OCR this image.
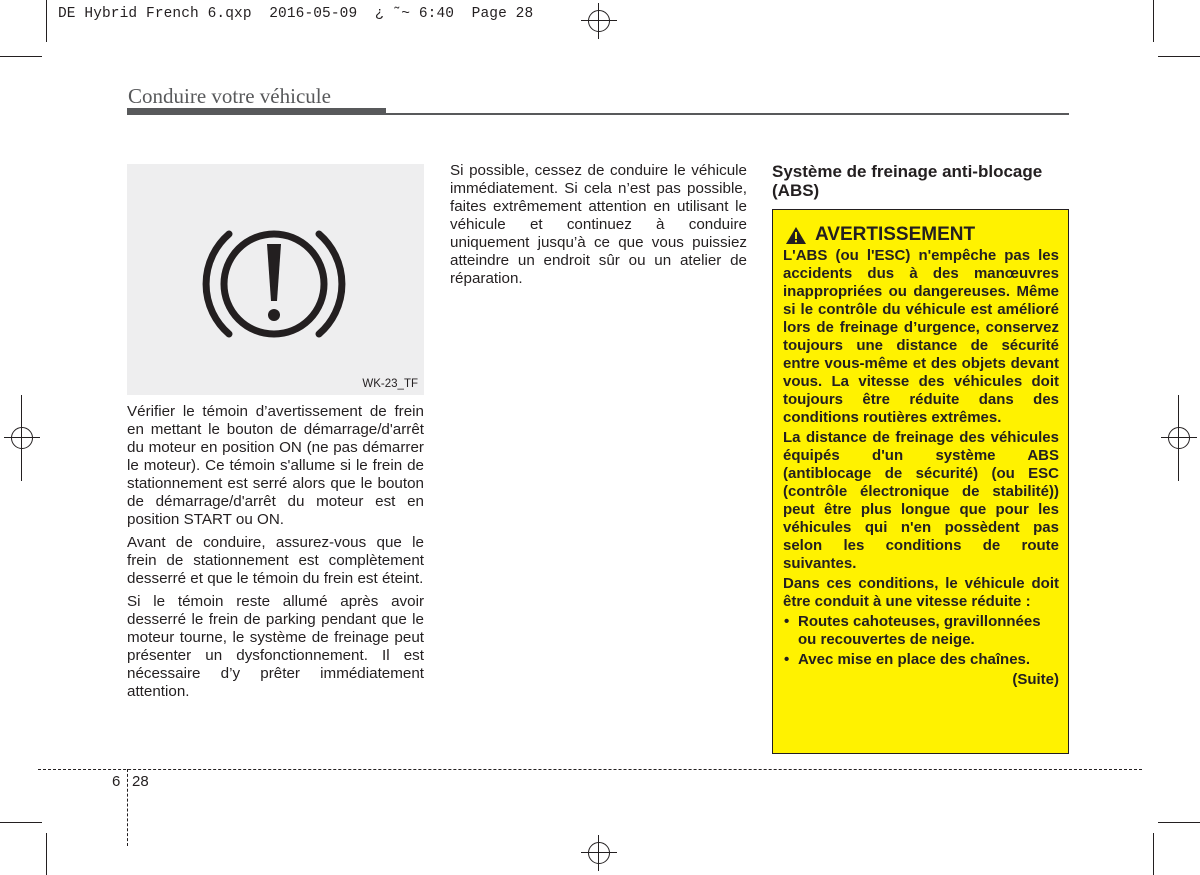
DE Hybrid French 6.qxp  2016-05-09  ¿ ˜~ 6:40  Page 28
Conduire votre véhicule
WK-23_TF

Vérifier le témoin d’avertissement de frein en mettant le bouton de démarrage/d'arrêt du moteur en position ON (ne pas démarrer le moteur). Ce témoin s'allume si le frein de stationnement est serré alors que le bouton de démarrage/d'arrêt du moteur est en position START ou ON.

Avant de conduire, assurez-vous que le frein de stationnement est complètement desserré et que le témoin du frein est éteint.

Si le témoin reste allumé après avoir desserré le frein de parking pendant que le moteur tourne, le système de freinage peut présenter un dysfonctionnement. Il est nécessaire d’y prêter immédiatement attention.

Si possible, cessez de conduire le véhicule immédiatement. Si cela n’est pas possible, faites extrêmement attention en utilisant le véhicule et continuez à conduire uniquement jusqu’à ce que vous puissiez atteindre un endroit sûr ou un atelier de réparation.

Système de freinage anti-blocage (ABS)
AVERTISSEMENT

L'ABS (ou l'ESC) n'empêche pas les accidents dus à des manœuvres inappropriées ou dangereuses. Même si le contrôle du véhicule est amélioré lors de freinage d’urgence, conservez toujours une distance de sécurité entre vous-même et des objets devant vous. La vitesse des véhicules doit toujours être réduite dans des conditions routières extrêmes.

La distance de freinage des véhicules équipés d'un système ABS (antiblocage de sécurité) (ou ESC (contrôle électronique de stabilité)) peut être plus longue que pour les véhicules qui n'en possèdent pas selon les conditions de route suivantes.

Dans ces conditions, le véhicule doit être conduit à une vitesse réduite :

• Routes cahoteuses, gravillonnées ou recouvertes de neige.
• Avec mise en place des chaînes.

(Suite)

6 28
